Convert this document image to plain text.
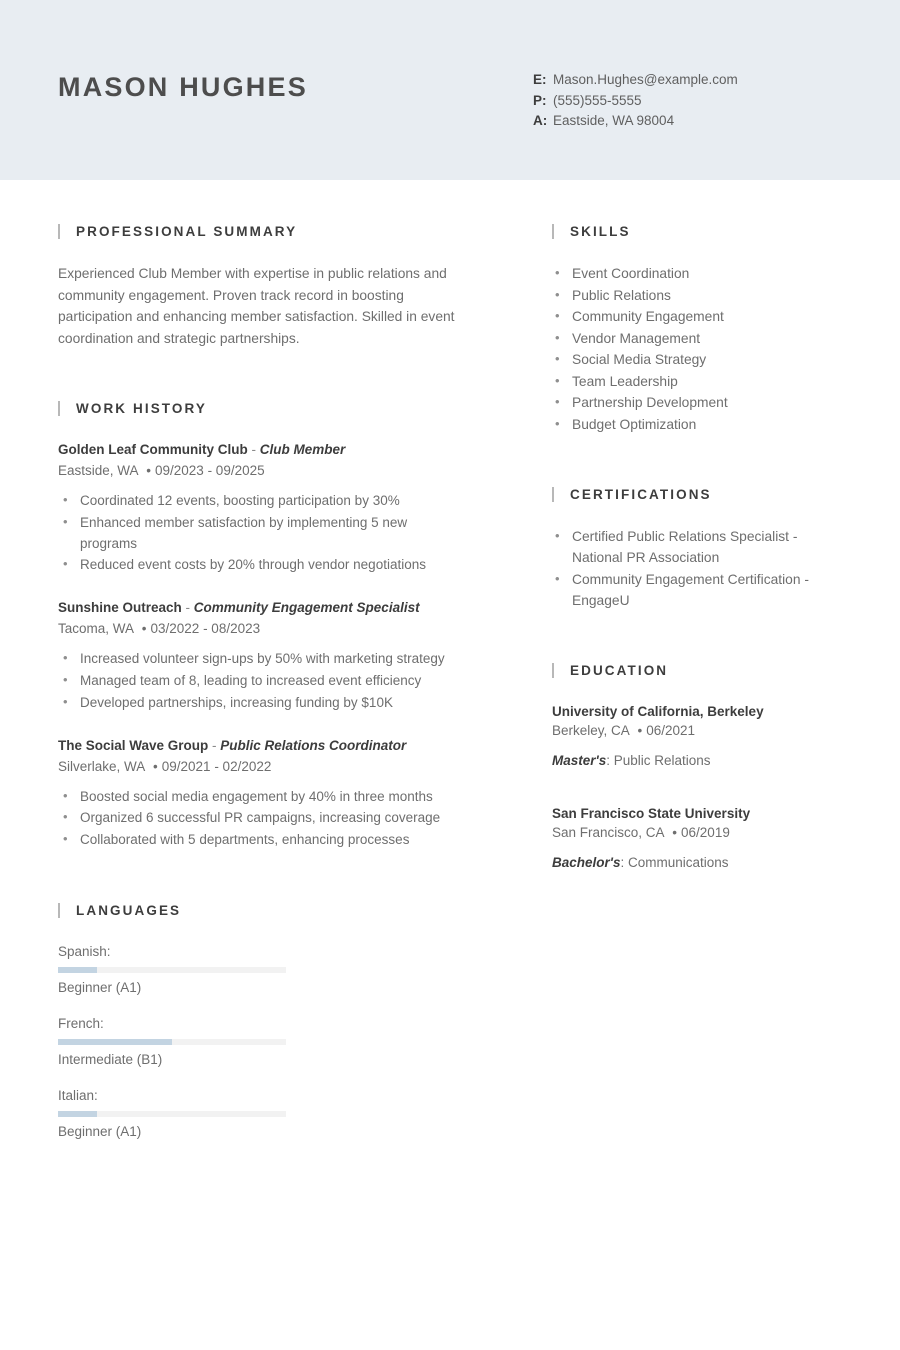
MASON HUGHES	E: Mason.Hughes@example.com
P: (555)555-5555
A: Eastside, WA 98004
PROFESSIONAL SUMMARY

Experienced Club Member with expertise in public relations and community engagement. Proven track record in boosting participation and enhancing member satisfaction. Skilled in event coordination and strategic partnerships.

WORK HISTORY
Golden Leaf Community Club - Club Member
Eastside, WA • 09/2023 - 09/2025
• Coordinated 12 events, boosting participation by 30%
• Enhanced member satisfaction by implementing 5 new programs
• Reduced event costs by 20% through vendor negotiations
Sunshine Outreach - Community Engagement Specialist
Tacoma, WA • 03/2022 - 08/2023
• Increased volunteer sign-ups by 50% with marketing strategy
• Managed team of 8, leading to increased event efficiency
• Developed partnerships, increasing funding by $10K
The Social Wave Group - Public Relations Coordinator
Silverlake, WA • 09/2021 - 02/2022
• Boosted social media engagement by 40% in three months
• Organized 6 successful PR campaigns, increasing coverage
• Collaborated with 5 departments, enhancing processes
LANGUAGES
Spanish:
Beginner (A1)
French:
Intermediate (B1)
Italian:
Beginner (A1)
SKILLS
• Event Coordination
• Public Relations
• Community Engagement
• Vendor Management
• Social Media Strategy
• Team Leadership
• Partnership Development
• Budget Optimization
CERTIFICATIONS
• Certified Public Relations Specialist - National PR Association
• Community Engagement Certification - EngageU
EDUCATION
University of California, Berkeley
Berkeley, CA • 06/2021
Master's: Public Relations
San Francisco State University
San Francisco, CA • 06/2019
Bachelor's: Communications
